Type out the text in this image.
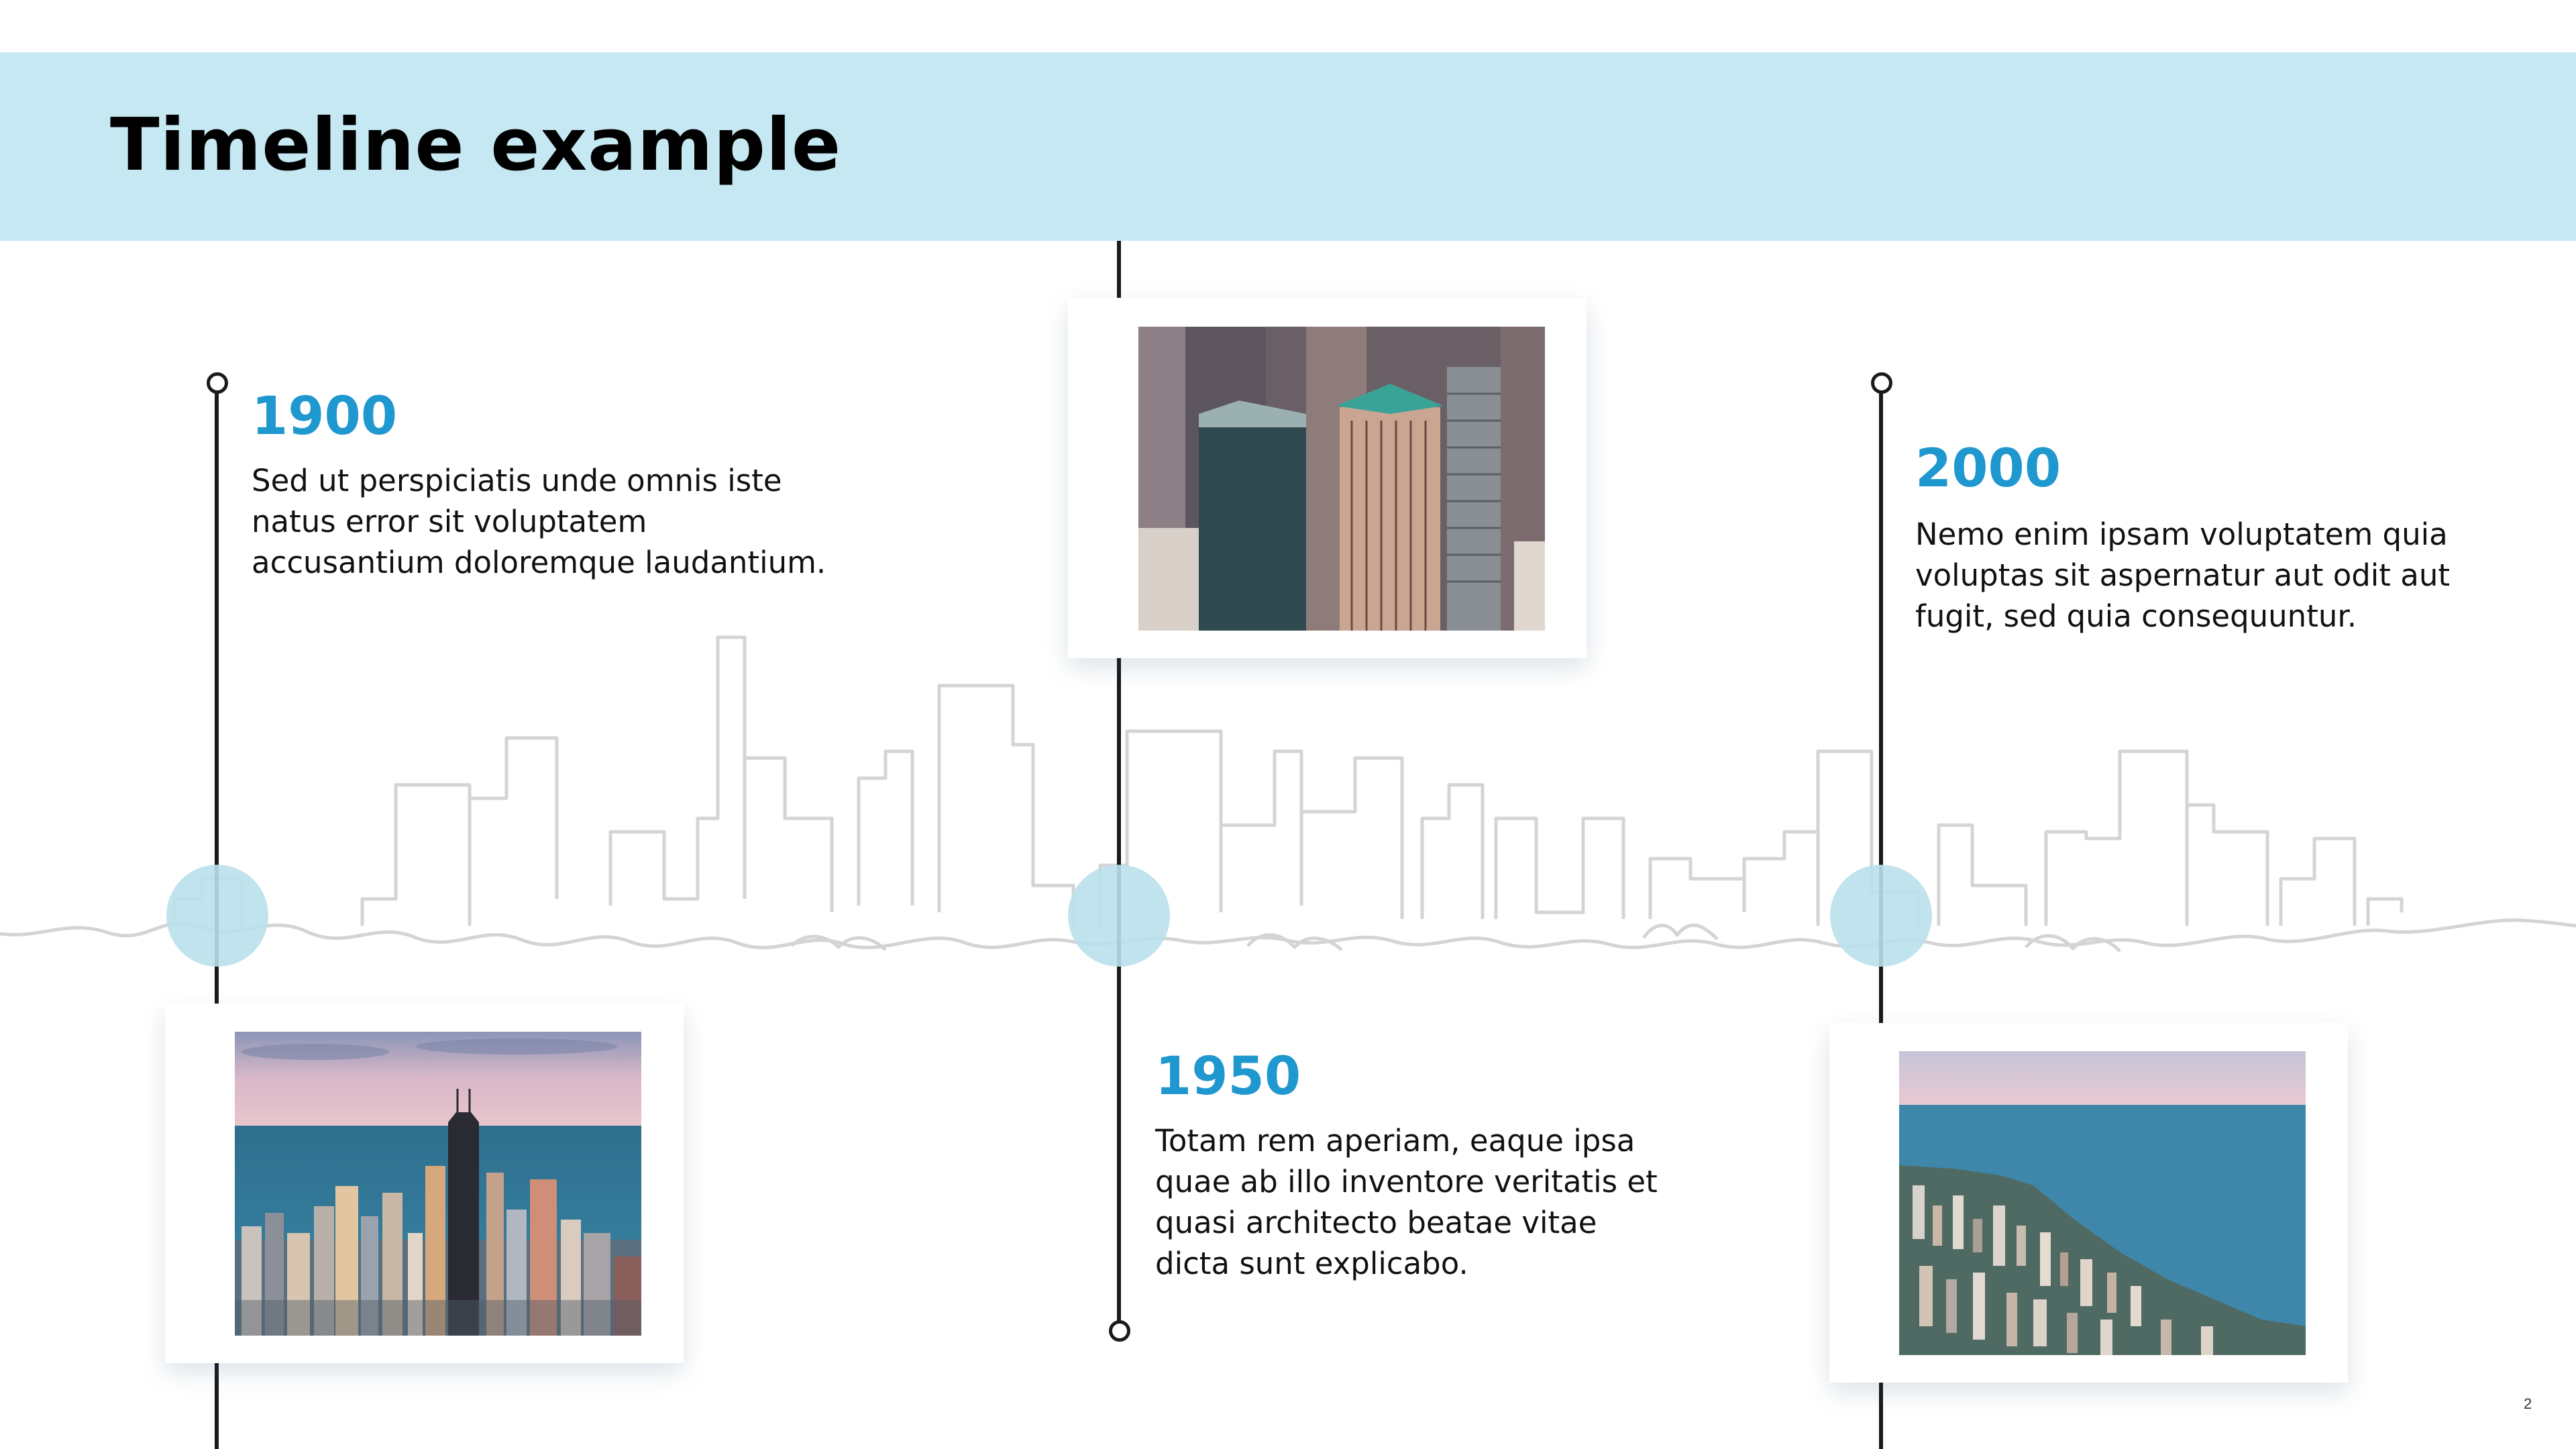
Timeline example
1900

Sed ut perspiciatis unde omnis iste natus error sit voluptatem accusantium doloremque laudantium.

1950

Totam rem aperiam, eaque ipsa quae ab illo inventore veritatis et quasi architecto beatae vitae dicta sunt explicabo.

2000

Nemo enim ipsam voluptatem quia voluptas sit aspernatur aut odit aut fugit, sed quia consequuntur.

2
